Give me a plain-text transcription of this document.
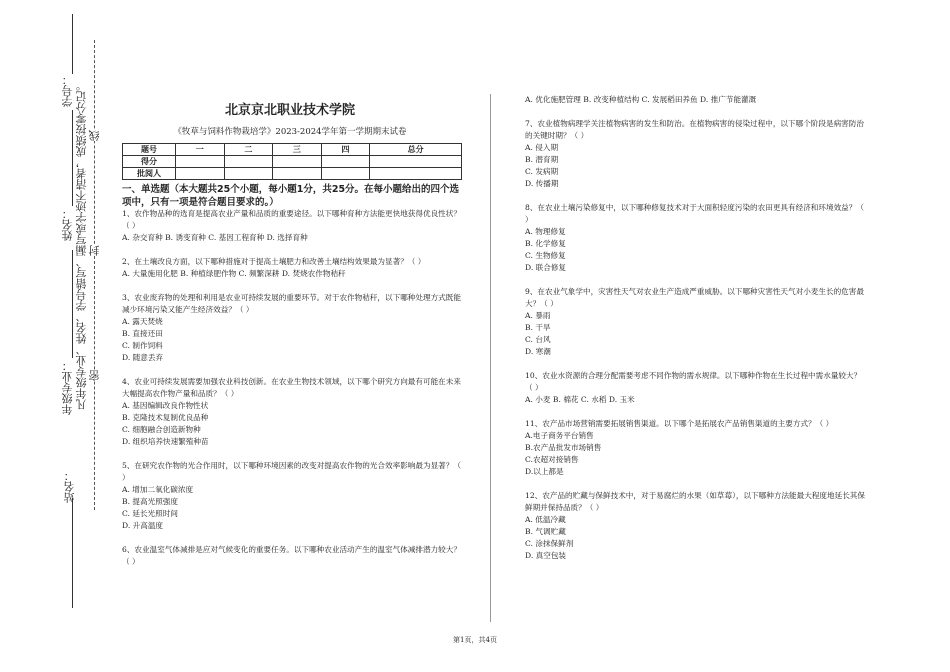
学号：
姓名：
年级专业： 凡年级专业、姓名、学号错写、漏写或字迹不清者，成绩按零分记。
站名：
密
封
线
北京京北职业技术学院
《牧草与饲料作物栽培学》2023-2024学年第一学期期末试卷
题号	一	二	三	四	总分
得分					
批阅人					
一、单选题（本大题共25个小题，每小题1分，共25分。在每小题给出的四个选项中，只有一项是符合题目要求的。）

1、农作物品种的选育是提高农业产量和品质的重要途径。以下哪种育种方法能更快地获得优良性状？（ ）

A. 杂交育种 B. 诱变育种 C. 基因工程育种 D. 选择育种

2、在土壤改良方面，以下哪种措施对于提高土壤肥力和改善土壤结构效果最为显著？（ ）

A. 大量施用化肥 B. 种植绿肥作物 C. 频繁深耕 D. 焚烧农作物秸秆

3、农业废弃物的处理和利用是农业可持续发展的重要环节。对于农作物秸秆，以下哪种处理方式既能减少环境污染又能产生经济效益？（ ）

A. 露天焚烧

B. 直接还田

C. 制作饲料

D. 随意丢弃

4、农业可持续发展需要加强农业科技创新。在农业生物技术领域，以下哪个研究方向最有可能在未来大幅提高农作物产量和品质？（ ）

A. 基因编辑改良作物性状

B. 克隆技术复制优良品种

C. 细胞融合创造新物种

D. 组织培养快速繁殖种苗

5、在研究农作物的光合作用时，以下哪种环境因素的改变对提高农作物的光合效率影响最为显著？（ ）

A. 增加二氧化碳浓度

B. 提高光照强度

C. 延长光照时间

D. 升高温度

6、农业温室气体减排是应对气候变化的重要任务。以下哪种农业活动产生的温室气体减排潜力较大？（ ）

A. 优化施肥管理 B. 改变种植结构 C. 发展稻田养鱼 D. 推广节能灌溉

7、农业植物病理学关注植物病害的发生和防治。在植物病害的侵染过程中，以下哪个阶段是病害防治的关键时期？（ ）

A. 侵入期

B. 潜育期

C. 发病期

D. 传播期

8、在农业土壤污染修复中，以下哪种修复技术对于大面积轻度污染的农田更具有经济和环境效益？（ ）

A. 物理修复

B. 化学修复

C. 生物修复

D. 联合修复

9、在农业气象学中，灾害性天气对农业生产造成严重威胁。以下哪种灾害性天气对小麦生长的危害最大？（ ）

A. 暴雨

B. 干旱

C. 台风

D. 寒潮

10、农业水资源的合理分配需要考虑不同作物的需水规律。以下哪种作物在生长过程中需水量较大？（ ）

A. 小麦 B. 棉花 C. 水稻 D. 玉米

11、农产品市场营销需要拓展销售渠道。以下哪个是拓展农产品销售渠道的主要方式？（ ）

A.电子商务平台销售

B.农产品批发市场销售

C.农超对接销售

D.以上都是

12、农产品的贮藏与保鲜技术中，对于易腐烂的水果（如草莓），以下哪种方法能最大程度地延长其保鲜期并保持品质？（ ）

A. 低温冷藏

B. 气调贮藏

C. 涂抹保鲜剂

D. 真空包装

第1页，共4页
